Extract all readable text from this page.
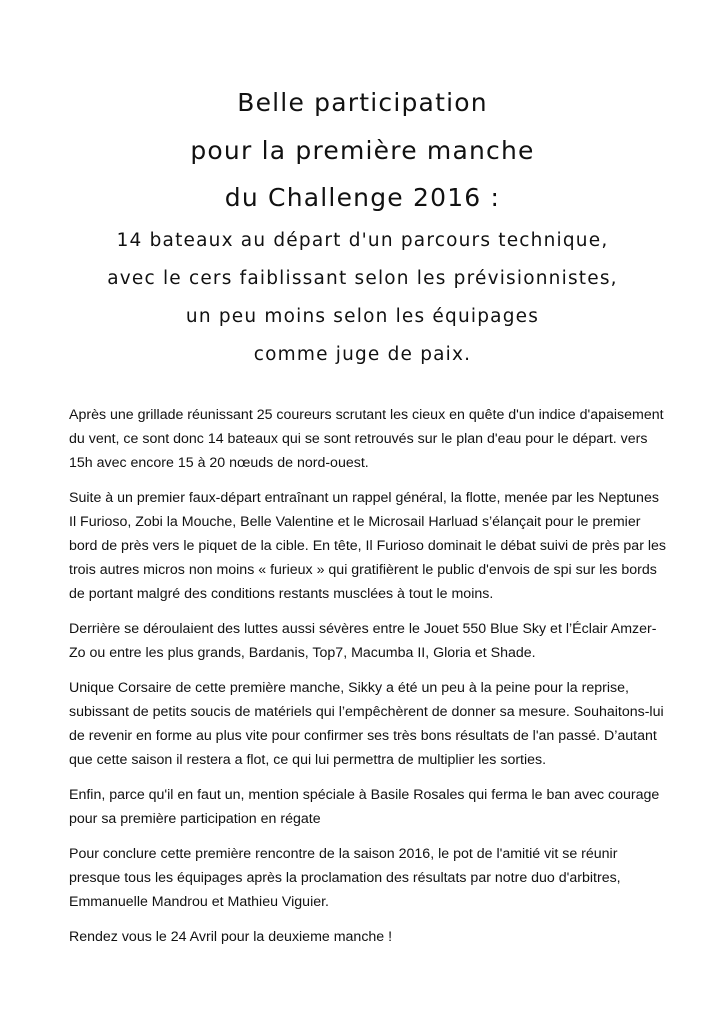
Belle participation
pour la première manche
du Challenge 2016 :
14 bateaux au départ d'un parcours technique,
avec le cers faiblissant selon les prévisionnistes,
un peu moins selon les équipages
comme juge de paix.

Après une grillade réunissant 25 coureurs scrutant les cieux en quête d'un indice d'apaisement du vent, ce sont donc 14 bateaux qui se sont retrouvés sur le plan d'eau pour le départ. vers 15h avec encore 15 à 20 nœuds de nord-ouest.

Suite à un premier faux-départ entraînant un rappel général, la flotte, menée par les Neptunes Il Furioso, Zobi la Mouche, Belle Valentine et le Microsail Harluad s’élançait pour le premier bord de près vers le piquet de la cible. En tête, Il Furioso dominait le débat suivi de près par les trois autres micros non moins « furieux » qui gratifièrent le public d'envois de spi sur les bords de portant malgré des conditions restants musclées à tout le moins.

Derrière se déroulaient des luttes aussi sévères entre le Jouet 550 Blue Sky et l’Éclair Amzer-Zo ou entre les plus grands, Bardanis, Top7, Macumba II, Gloria et Shade.

Unique Corsaire de cette première manche, Sikky a été un peu à la peine pour la reprise, subissant de petits soucis de matériels qui l’empêchèrent de donner sa mesure. Souhaitons-lui de revenir en forme au plus vite pour confirmer ses très bons résultats de l'an passé. D’autant que cette saison il restera a flot, ce qui lui permettra de multiplier les sorties.

Enfin, parce qu'il en faut un, mention spéciale à Basile Rosales qui ferma le ban avec courage pour sa première participation en régate

Pour conclure cette première rencontre de la saison 2016, le pot de l'amitié vit se réunir presque tous les équipages après la proclamation des résultats par notre duo d'arbitres, Emmanuelle Mandrou et Mathieu Viguier.

Rendez vous le 24 Avril pour la deuxieme manche !
